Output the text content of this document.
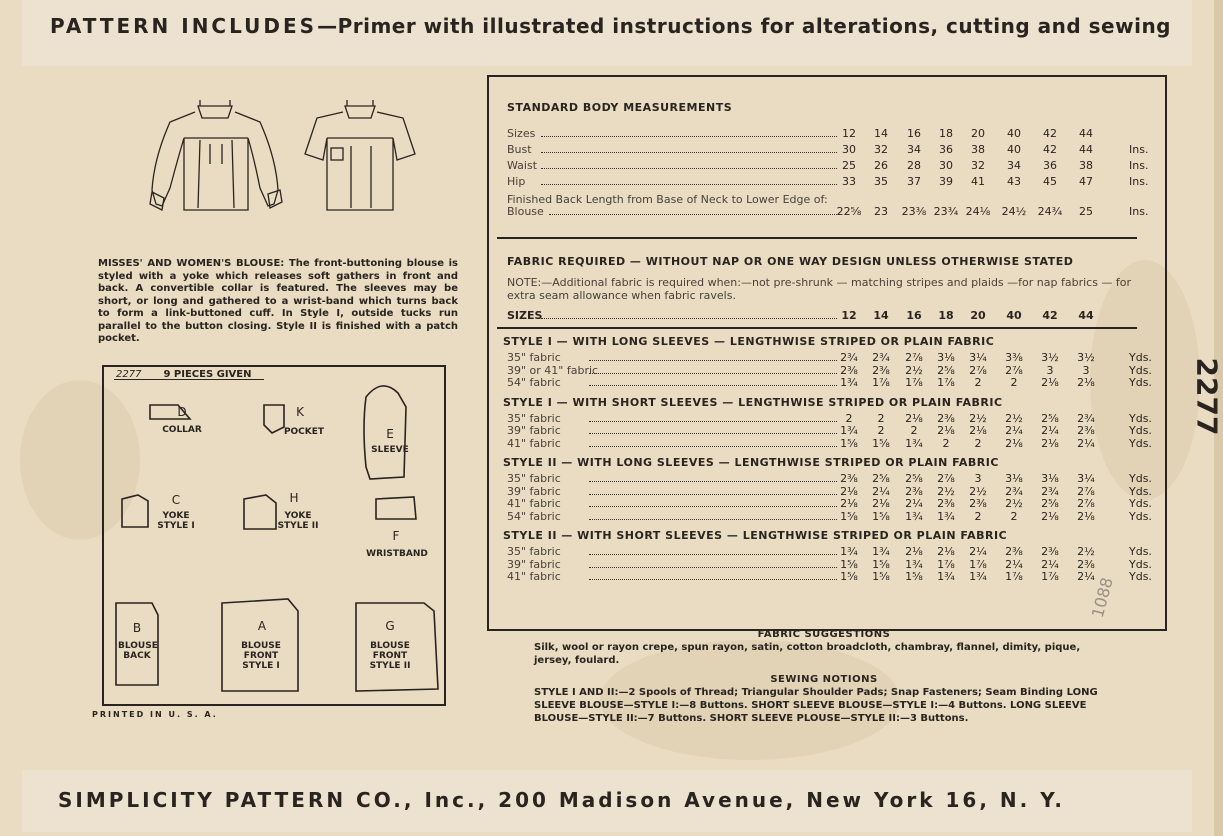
PATTERN INCLUDES—Primer with illustrated instructions for alterations, cutting and sewing
MISSES' AND WOMEN'S BLOUSE: The front-buttoning blouse is styled with a yoke which releases soft gathers in front and back. A convertible collar is featured. The sleeves may be short, or long and gathered to a wrist-band which turns back to form a link-buttoned cuff. In Style I, outside tucks run parallel to the button closing. Style II is finished with a patch pocket.
2277 9 PIECES GIVEN
D
COLLAR
K
POCKET	E
SLEEVE
C
YOKE STYLE I
H
YOKE STYLE II
F
WRISTBAND
B
BLOUSE BACK
A
BLOUSE FRONT STYLE I
G
BLOUSE FRONT STYLE II
PRINTED IN U. S. A.
STANDARD BODY MEASUREMENTS
Sizes	12	14	16	18	20	40	42	44
Bust	30	32	34	36	38	40	42	44	Ins.
Waist	25	26	28	30	32	34	36	38	Ins.
Hip	33	35	37	39	41	43	45	47	Ins.
Finished Back Length from Base of Neck to Lower Edge of:
Blouse	22⅝	23	23⅜ 23¾ 24⅛ 24½ 24¾	25	Ins.
FABRIC REQUIRED — WITHOUT NAP OR ONE WAY DESIGN UNLESS OTHERWISE STATED
NOTE:—Additional fabric is required when:—not pre-shrunk — matching stripes and plaids —for nap fabrics — for extra seam allowance when fabric ravels.
SIZES	12	14	16	18	20	40	42	44
STYLE I — WITH LONG SLEEVES — LENGTHWISE STRIPED OR PLAIN FABRIC
35" fabric	2¾	2¾	2⅞	3⅛	3¼	3⅜	3½	3½	Yds.
39" or 41" fabric	2⅜	2⅜	2½	2⅝	2⅞	2⅞	3	3	Yds.
54" fabric	1¾	1⅞	1⅞	1⅞	2	2	2⅛	2⅛	Yds.
STYLE I — WITH SHORT SLEEVES — LENGTHWISE STRIPED OR PLAIN FABRIC
35" fabric	2	2	2⅛	2⅜	2½	2½	2⅝	2¾	Yds.
39" fabric	1¾	2	2	2⅛	2⅛	2¼	2¼	2⅜	Yds.
41" fabric	1⅝	1⅝	1¾	2	2	2⅛	2⅛	2¼	Yds.
STYLE II — WITH LONG SLEEVES — LENGTHWISE STRIPED OR PLAIN FABRIC
35" fabric	2⅜	2⅝	2⅝	2⅞	3	3⅛	3⅛	3¼	Yds.
39" fabric	2⅛	2¼	2⅜	2½	2½	2¾	2¾	2⅞	Yds.
41" fabric	2⅛	2⅛	2¼	2⅜	2⅜	2½	2⅝	2⅞	Yds.
54" fabric	1⅝	1⅝	1¾	1¾	2	2	2⅛	2⅛	Yds.
STYLE II — WITH SHORT SLEEVES — LENGTHWISE STRIPED OR PLAIN FABRIC
35" fabric	1¾	1¾	2⅛	2⅛	2¼	2⅜	2⅜	2½	Yds.
39" fabric	1⅝	1⅝	1¾	1⅞	1⅞	2¼	2¼	2⅜	Yds.
41" fabric	1⅝	1⅝	1⅝	1¾	1¾	1⅞	1⅞	2¼	Yds.
2277
1088
FABRIC SUGGESTIONS
Silk, wool or rayon crepe, spun rayon, satin, cotton broadcloth, chambray, flannel, dimity, pique, jersey, foulard.
SEWING NOTIONS
STYLE I AND II:—2 Spools of Thread; Triangular Shoulder Pads; Snap Fasteners; Seam Binding LONG SLEEVE BLOUSE—STYLE I:—8 Buttons. SHORT SLEEVE BLOUSE—STYLE I:—4 Buttons. LONG SLEEVE BLOUSE—STYLE II:—7 Buttons. SHORT SLEEVE PLOUSE—STYLE II:—3 Buttons.
SIMPLICITY PATTERN CO., Inc., 200 Madison Avenue, New York 16, N. Y.
